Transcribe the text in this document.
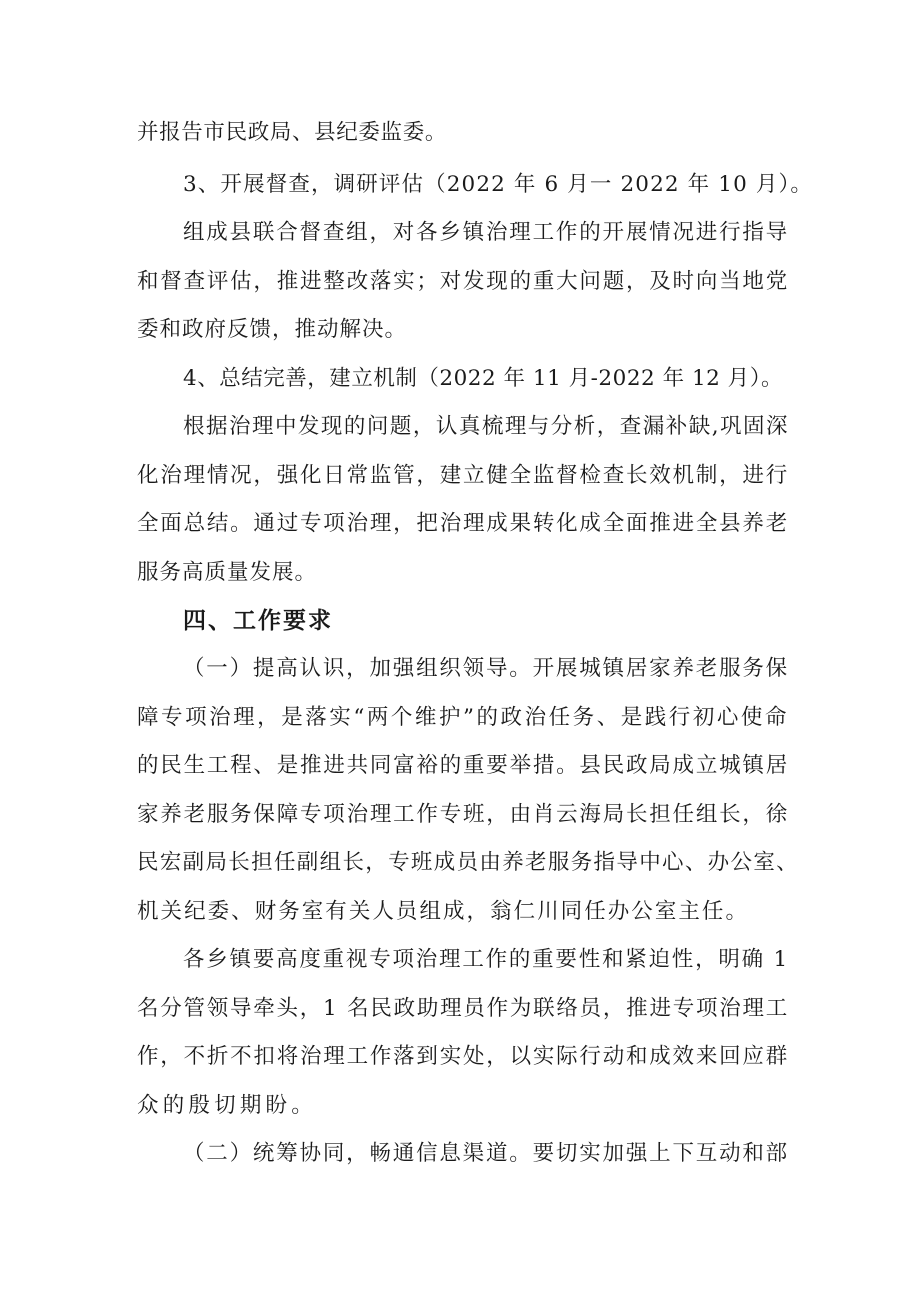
并报告市民政局、县纪委监委。
3、开展督查，调研评估（2022 年 6 月一 2022 年 10 月）。
组成县联合督查组，对各乡镇治理工作的开展情况进行指导
和督查评估，推进整改落实；对发现的重大问题，及时向当地党
委和政府反馈，推动解决。
4、总结完善，建立机制（2022 年 11 月-2022 年 12 月）。
根据治理中发现的问题，认真梳理与分析，查漏补缺,巩固深
化治理情况，强化日常监管，建立健全监督检查长效机制，进行
全面总结。通过专项治理，把治理成果转化成全面推进全县养老
服务高质量发展。
四、工作要求
（一）提高认识，加强组织领导。开展城镇居家养老服务保
障专项治理，是落实“两个维护”的政治任务、是践行初心使命
的民生工程、是推进共同富裕的重要举措。县民政局成立城镇居
家养老服务保障专项治理工作专班，由肖云海局长担任组长，徐
民宏副局长担任副组长，专班成员由养老服务指导中心、办公室、
机关纪委、财务室有关人员组成，翁仁川同任办公室主任。
各乡镇要高度重视专项治理工作的重要性和紧迫性，明确 1
名分管领导牵头，1 名民政助理员作为联络员，推进专项治理工
作，不折不扣将治理工作落到实处，以实际行动和成效来回应群
众的殷切期盼。
（二）统筹协同，畅通信息渠道。要切实加强上下互动和部
